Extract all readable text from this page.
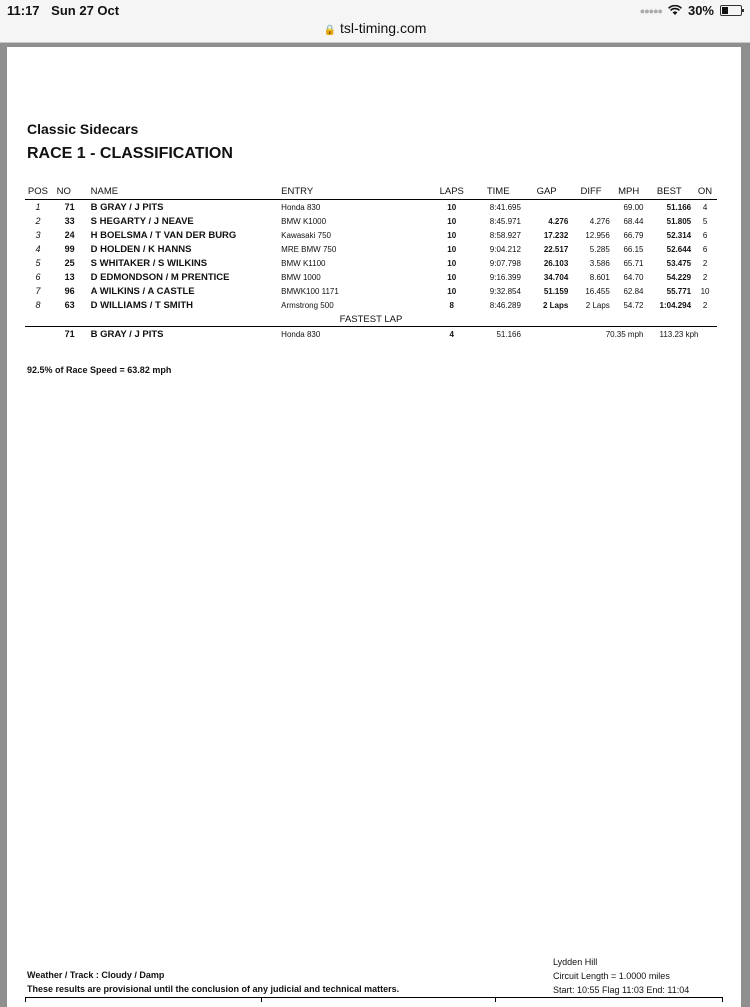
11:17 Sun 27 Oct	●●●●● 30%
🔒 tsl-timing.com
Classic Sidecars
RACE 1 - CLASSIFICATION
POS	NO	NAME	ENTRY	LAPS	TIME	GAP	DIFF	MPH	BEST	ON
1	71	B GRAY / J PITS	Honda 830	10	8:41.695			69.00	51.166	4
2	33	S HEGARTY / J NEAVE	BMW K1000	10	8:45.971	4.276	4.276	68.44	51.805	5
3	24	H BOELSMA / T VAN DER BURG	Kawasaki 750	10	8:58.927	17.232	12.956	66.79	52.314	6
4	99	D HOLDEN / K HANNS	MRE BMW 750	10	9:04.212	22.517	5.285	66.15	52.644	6
5	25	S WHITAKER / S WILKINS	BMW K1100	10	9:07.798	26.103	3.586	65.71	53.475	2
6	13	D EDMONDSON / M PRENTICE	BMW 1000	10	9:16.399	34.704	8.601	64.70	54.229	2
7	96	A WILKINS / A CASTLE	BMWK100 1171	10	9:32.854	51.159	16.455	62.84	55.771	10
8	63	D WILLIAMS / T SMITH	Armstrong 500	8	8:46.289	2 Laps	2 Laps	54.72	1:04.294	2
FASTEST LAP										
	71	B GRAY / J PITS	Honda 830	4	51.166	70.35 mph			113.23 kph	
92.5% of Race Speed = 63.82 mph
Lydden Hill
Circuit Length = 1.0000 miles
Start: 10:55 Flag 11:03 End: 11:04
Weather / Track : Cloudy / Damp
These results are provisional until the conclusion of any judicial and technical matters.
